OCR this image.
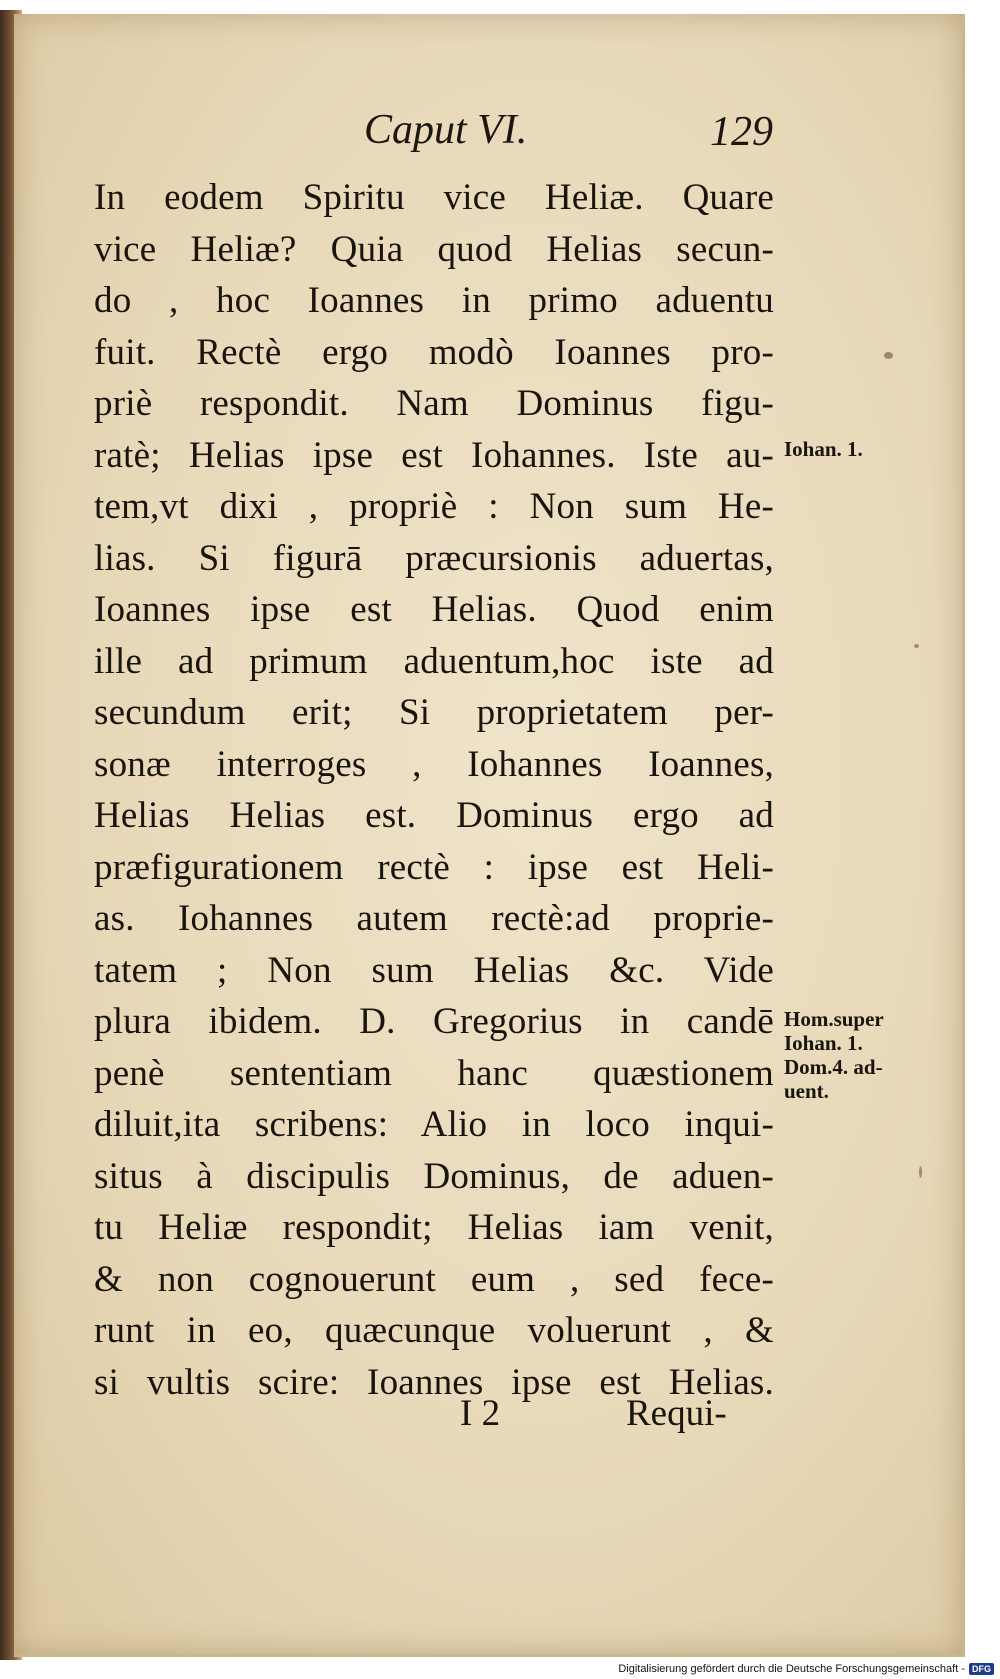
Caput VI.	129
In eodem Spiritu vice Heliæ. Quare
vice Heliæ? Quia quod Helias secun-
do , hoc Ioannes in primo aduentu
fuit. Rectè ergo modò Ioannes pro-
priè respondit. Nam Dominus figu-
ratè; Helias ipse est Iohannes. Iste au-
tem,vt dixi , propriè : Non sum He-
lias. Si figurā præcursionis aduertas,
Ioannes ipse est Helias. Quod enim
ille ad primum aduentum,hoc iste ad
secundum erit; Si proprietatem per-
sonæ interroges , Iohannes Ioannes,
Helias Helias est. Dominus ergo ad
præfigurationem rectè : ipse est Heli-
as. Iohannes autem rectè:ad proprie-
tatem ; Non sum Helias &c. Vide
plura ibidem. D. Gregorius in candē
penè sententiam hanc quæstionem
diluit,ita scribens: Alio in loco inqui-
situs à discipulis Dominus, de aduen-
tu Heliæ respondit; Helias iam venit,
& non cognouerunt eum , sed fece-
runt in eo, quæcunque voluerunt , &
si vultis scire: Ioannes ipse est Helias.
Iohan. 1.
Hom.super
Iohan. 1.
Dom.4. ad-
uent.
I 2	Requi-
Digitalisierung gefördert durch die Deutsche Forschungsgemeinschaft - DFG
